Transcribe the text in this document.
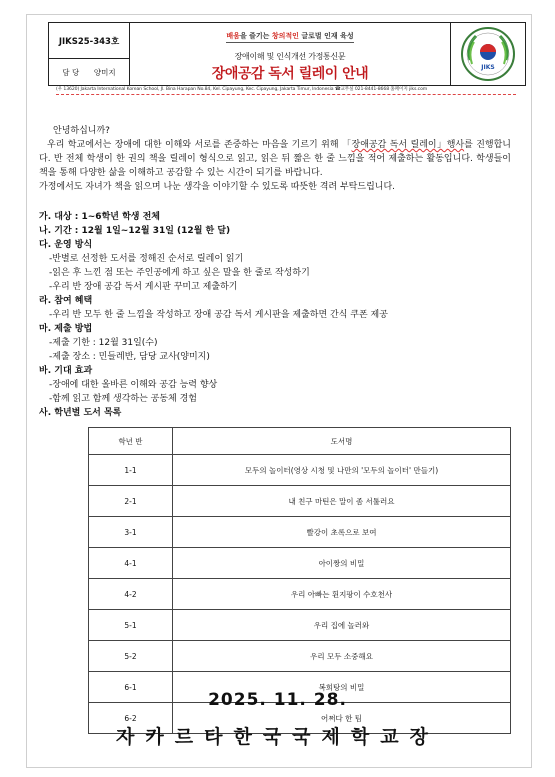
JIKS25-343호
담 당 양미지
배움을 즐기는 창의적인 글로벌 인재 육성
장애이해 및 인식개선 가정통신문
장애공감 독서 릴레이 안내	JIKS
(우 13620) Jakarta International Korean School, Jl. Bina Harapan No.84, Kel. Cipayung, Kec. Cipayung, Jakarta Timur, Indonesia ☎교무실 021-8441-8668 홈페이지 jiks.com
안녕하십니까?
우리 학교에서는 장애에 대한 이해와 서로를 존중하는 마음을 기르기 위해 「장애공감 독서 릴레이」행사를 진행합니다. 반 전체 학생이 한 권의 책을 릴레이 형식으로 읽고, 읽은 뒤 짧은 한 줄 느낌을 적어 제출하는 활동입니다. 학생들이 책을 통해 다양한 삶을 이해하고 공감할 수 있는 시간이 되기를 바랍니다.
가정에서도 자녀가 책을 읽으며 나눈 생각을 이야기할 수 있도록 따뜻한 격려 부탁드립니다.
가. 대상 : 1~6학년 학생 전체
나. 기간 : 12월 1일~12월 31일 (12월 한 달)
다. 운영 방식
-반별로 선정한 도서를 정해진 순서로 릴레이 읽기
-읽은 후 느낀 점 또는 주인공에게 하고 싶은 말을 한 줄로 작성하기
-우리 반 장애 공감 독서 게시판 꾸미고 제출하기
라. 참여 혜택
-우리 반 모두 한 줄 느낌을 작성하고 장애 공감 독서 게시판을 제출하면 간식 쿠폰 제공
마. 제출 방법
-제출 기한 : 12월 31일(수)
-제출 장소 : 민들레반, 담당 교사(양미지)
바. 기대 효과
-장애에 대한 올바른 이해와 공감 능력 향상
-함께 읽고 함께 생각하는 공동체 경험
사. 학년별 도서 목록
학년 반	도서명
1-1	모두의 놀이터(영상 시청 및 나만의 '모두의 놀이터' 만들기)
2-1	내 친구 마틴은 말이 좀 서툴러요
3-1	빨강이 초록으로 보여
4-1	아이짱의 비밀
4-2	우리 아빠는 휜지팡이 수호천사
5-1	우리 집에 놀러와
5-2	우리 모두 소중해요
6-1	복희탕의 비밀
6-2	어쩌다 한 팀
2025. 11. 28.
자카르타한국국제학교장
